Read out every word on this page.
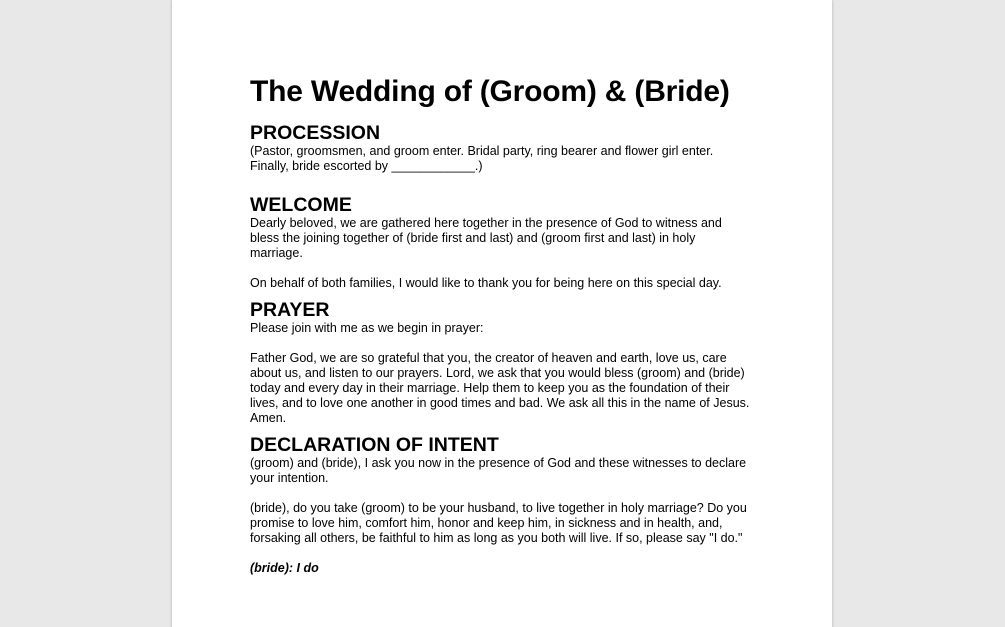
The Wedding of (Groom) & (Bride)
PROCESSION

(Pastor, groomsmen, and groom enter. Bridal party, ring bearer and flower girl enter. Finally, bride escorted by ____________.)

WELCOME

Dearly beloved, we are gathered here together in the presence of God to witness and bless the joining together of (bride first and last) and (groom first and last) in holy marriage.

On behalf of both families, I would like to thank you for being here on this special day.

PRAYER

Please join with me as we begin in prayer:

Father God, we are so grateful that you, the creator of heaven and earth, love us, care about us, and listen to our prayers. Lord, we ask that you would bless (groom) and (bride) today and every day in their marriage. Help them to keep you as the foundation of their lives, and to love one another in good times and bad. We ask all this in the name of Jesus. Amen.

DECLARATION OF INTENT

(groom) and (bride), I ask you now in the presence of God and these witnesses to declare your intention.

(bride), do you take (groom) to be your husband, to live together in holy marriage? Do you promise to love him, comfort him, honor and keep him, in sickness and in health, and, forsaking all others, be faithful to him as long as you both will live. If so, please say "I do."

(bride): I do
